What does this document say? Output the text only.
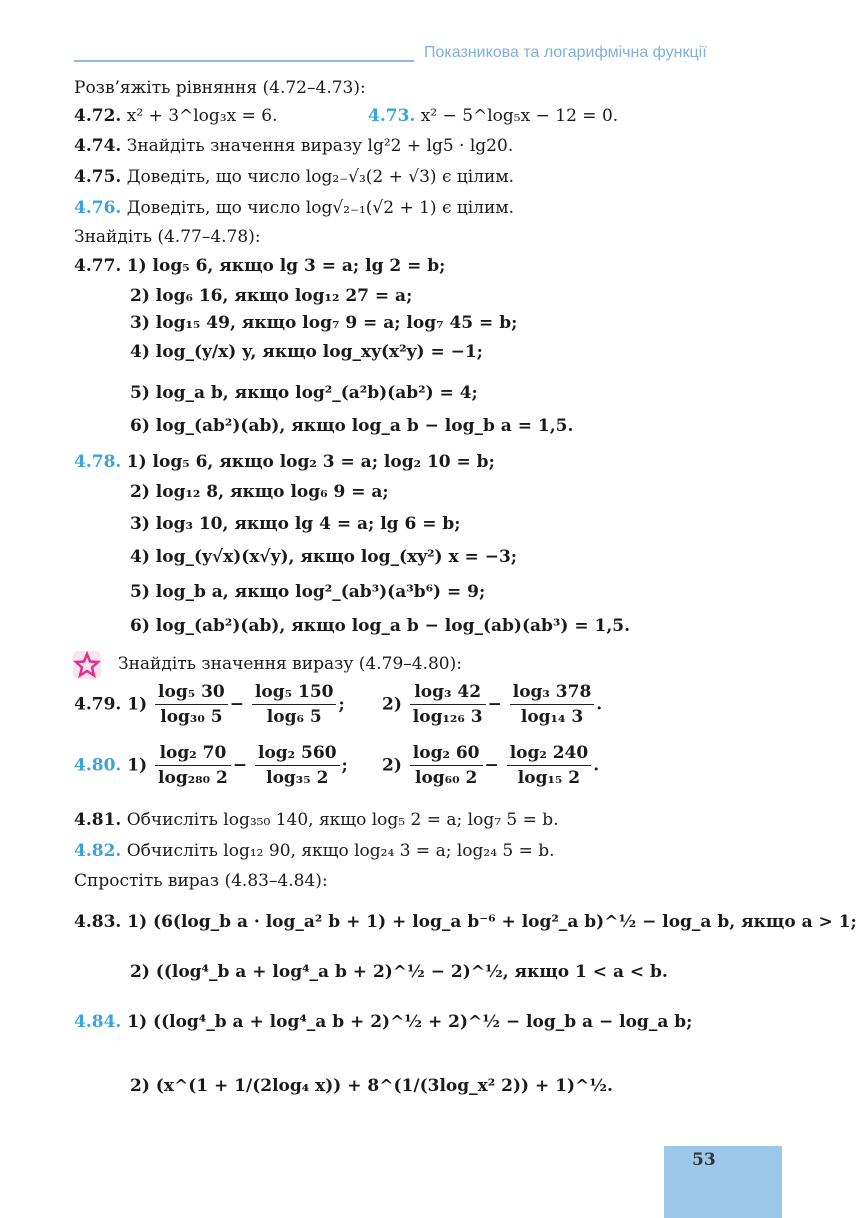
Показникова та логарифмічна функції
Розв’яжіть рівняння (4.72–4.73):
4.72. x² + 3^log₃x = 6.	4.73. x² − 5^log₅x − 12 = 0.
4.74. Знайдіть значення виразу lg²2 + lg5 · lg20.
4.75. Доведіть, що число log₂₋√₃(2 + √3) є цілим.
4.76. Доведіть, що число log√₂₋₁(√2 + 1) є цілим.
Знайдіть (4.77–4.78):
4.77. 1) log₅ 6, якщо lg 3 = a; lg 2 = b;
2) log₆ 16, якщо log₁₂ 27 = a;
3) log₁₅ 49, якщо log₇ 9 = a; log₇ 45 = b;
4) log_(y/x) y, якщо log_xy(x²y) = −1;
5) log_a b, якщо log²_(a²b)(ab²) = 4;
6) log_(ab²)(ab), якщо log_a b − log_b a = 1,5.
4.78. 1) log₅ 6, якщо log₂ 3 = a; log₂ 10 = b;
2) log₁₂ 8, якщо log₆ 9 = a;
3) log₃ 10, якщо lg 4 = a; lg 6 = b;
4) log_(y√x)(x√y), якщо log_(xy²) x = −3;
5) log_b a, якщо log²_(ab³)(a³b⁶) = 9;
6) log_(ab²)(ab), якщо log_a b − log_(ab)(ab³) = 1,5.
Знайдіть значення виразу (4.79–4.80):
4.79. $1) \frac{\text{log₅ 30}}{\text{log₃₀ 5}} - \frac{\text{log₅ 150}}{\text{log₆ 5}}$ ; $2) \frac{\text{log₃ 42}}{\text{log₁₂₆ 3}} - \frac{\text{log₃ 378}}{\text{log₁₄ 3}}$ .
4.80. $1) \frac{\text{log₂ 70}}{\text{log₂₈₀ 2}} - \frac{\text{log₂ 560}}{\text{log₃₅ 2}}$ ; $2) \frac{\text{log₂ 60}}{\text{log₆₀ 2}} - \frac{\text{log₂ 240}}{\text{log₁₅ 2}}$ .
4.81. Обчисліть log₃₅₀ 140, якщо log₅ 2 = a; log₇ 5 = b.
4.82. Обчисліть log₁₂ 90, якщо log₂₄ 3 = a; log₂₄ 5 = b.
Спростіть вираз (4.83–4.84):
4.83. 1) (6(log_b a · log_a² b + 1) + log_a b⁻⁶ + log²_a b)^½ − log_a b, якщо a > 1;
2) ((log⁴_b a + log⁴_a b + 2)^½ − 2)^½, якщо 1 < a < b.
4.84. 1) ((log⁴_b a + log⁴_a b + 2)^½ + 2)^½ − log_b a − log_a b;
2) (x^(1 + 1/(2log₄ x)) + 8^(1/(3log_x² 2)) + 1)^½.
53
